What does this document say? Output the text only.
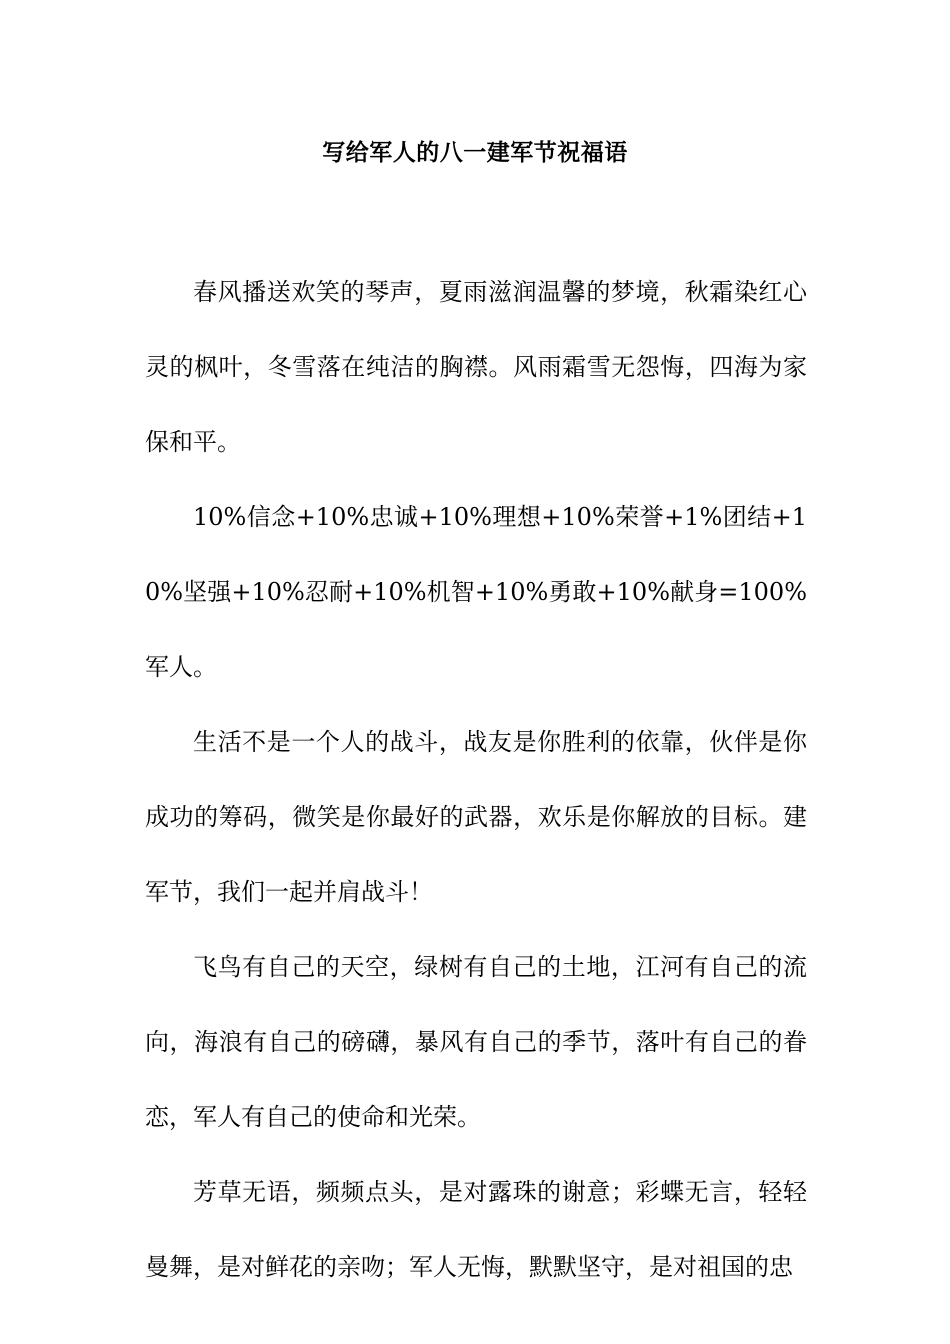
写给军人的八一建军节祝福语

春风播送欢笑的琴声，夏雨滋润温馨的梦境，秋霜染红心灵的枫叶，冬雪落在纯洁的胸襟。风雨霜雪无怨悔，四海为家保和平。

10%信念+10%忠诚+10%理想+10%荣誉+1%团结+10%坚强+10%忍耐+10%机智+10%勇敢+10%献身=100%军人。

生活不是一个人的战斗，战友是你胜利的依靠，伙伴是你成功的筹码，微笑是你最好的武器，欢乐是你解放的目标。建军节，我们一起并肩战斗！

飞鸟有自己的天空，绿树有自己的土地，江河有自己的流向，海浪有自己的磅礴，暴风有自己的季节，落叶有自己的眷恋，军人有自己的使命和光荣。

芳草无语，频频点头，是对露珠的谢意；彩蝶无言，轻轻曼舞，是对鲜花的亲吻；军人无悔，默默坚守，是对祖国的忠
